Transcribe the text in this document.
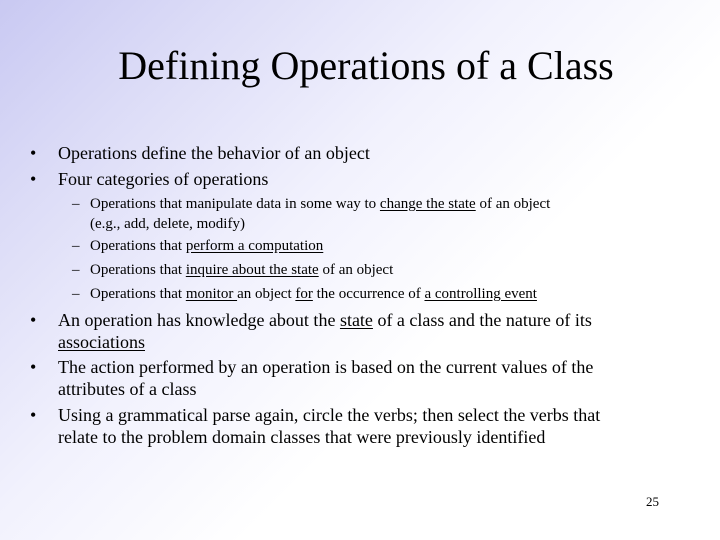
Defining Operations of a Class
• Operations define the behavior of an object
• Four categories of operations
– Operations that manipulate data in some way to change the state of an object
(e.g., add, delete, modify)
– Operations that perform a computation
– Operations that inquire about the state of an object
– Operations that monitor an object for the occurrence of a controlling event
• An operation has knowledge about the state of a class and the nature of its
associations
• The action performed by an operation is based on the current values of the
attributes of a class
• Using a grammatical parse again, circle the verbs; then select the verbs that
relate to the problem domain classes that were previously identified
25
